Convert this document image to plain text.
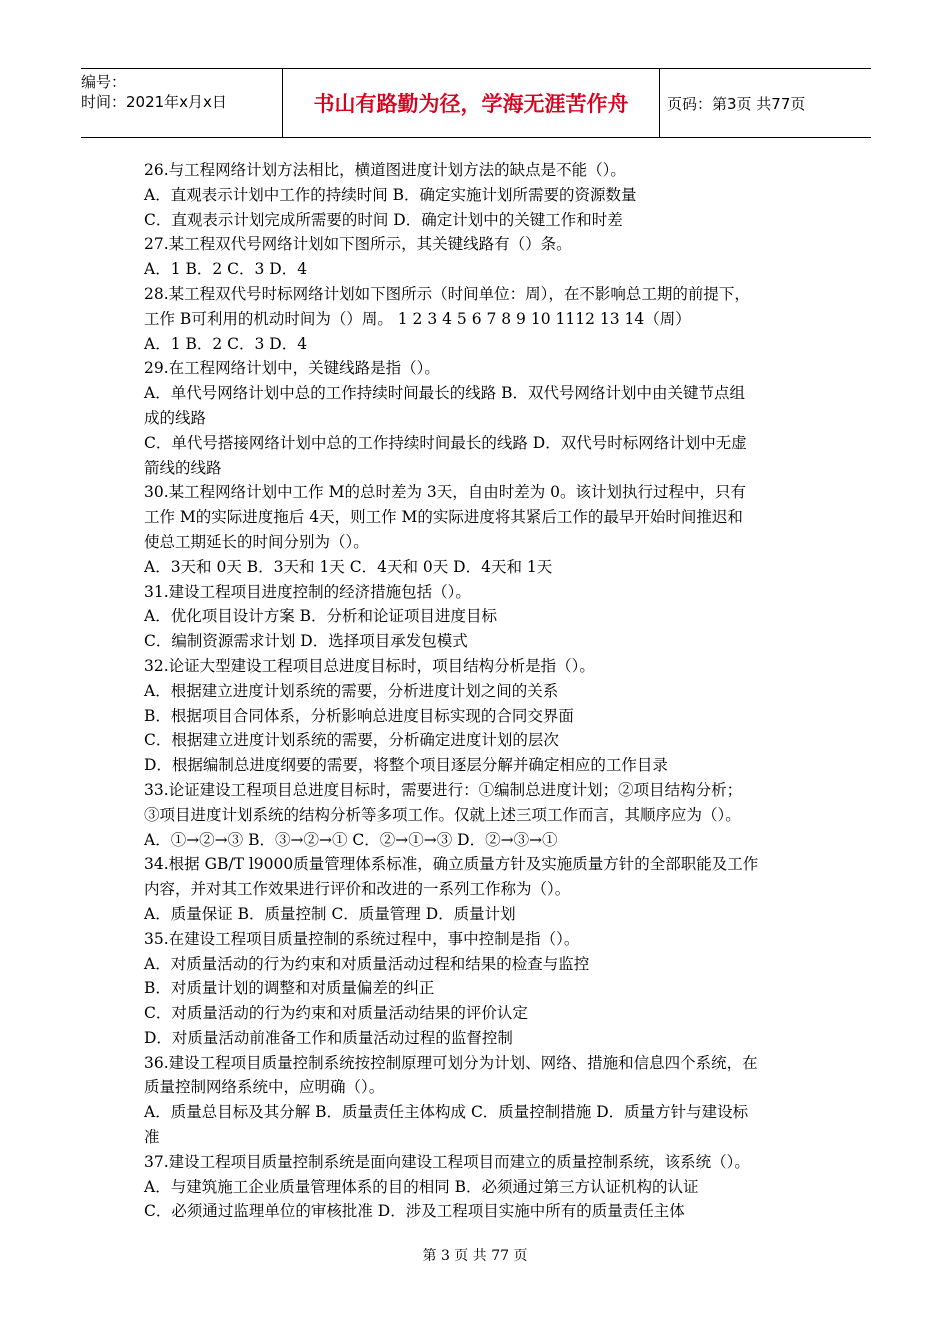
编号：
时间：2021年x月x日	书山有路勤为径，学海无涯苦作舟	页码：第3页 共77页

26.与工程网络计划方法相比，横道图进度计划方法的缺点是不能（）。

A．直观表示计划中工作的持续时间 B．确定实施计划所需要的资源数量

C．直观表示计划完成所需要的时间 D．确定计划中的关键工作和时差

27.某工程双代号网络计划如下图所示，其关键线路有（）条。

A．1 B．2 C．3 D．4

28.某工程双代号时标网络计划如下图所示（时间单位：周），在不影响总工期的前提下，

工作 B可利用的机动时间为（）周。 1 2 3 4 5 6 7 8 9 10 1112 13 14（周）

A．1 B．2 C．3 D．4

29.在工程网络计划中，关键线路是指（）。

A．单代号网络计划中总的工作持续时间最长的线路 B．双代号网络计划中由关键节点组

成的线路

C．单代号搭接网络计划中总的工作持续时间最长的线路 D．双代号时标网络计划中无虚

箭线的线路

30.某工程网络计划中工作 M的总时差为 3天，自由时差为 0。该计划执行过程中，只有

工作 M的实际进度拖后 4天，则工作 M的实际进度将其紧后工作的最早开始时间推迟和

使总工期延长的时间分别为（）。

A．3天和 0天 B．3天和 1天 C．4天和 0天 D．4天和 1天

31.建设工程项目进度控制的经济措施包括（）。

A．优化项目设计方案 B．分析和论证项目进度目标

C．编制资源需求计划 D．选择项目承发包模式

32.论证大型建设工程项目总进度目标时，项目结构分析是指（）。

A．根据建立进度计划系统的需要，分析进度计划之间的关系

B．根据项目合同体系，分析影响总进度目标实现的合同交界面

C．根据建立进度计划系统的需要，分析确定进度计划的层次

D．根据编制总进度纲要的需要，将整个项目逐层分解并确定相应的工作目录

33.论证建设工程项目总进度目标时，需要进行：①编制总进度计划；②项目结构分析；

③项目进度计划系统的结构分析等多项工作。仅就上述三项工作而言，其顺序应为（）。

A．①→②→③ B．③→②→① C．②→①→③ D．②→③→①

34.根据 GB/T l9000质量管理体系标准，确立质量方针及实施质量方针的全部职能及工作

内容，并对其工作效果进行评价和改进的一系列工作称为（）。

A．质量保证 B．质量控制 C．质量管理 D．质量计划

35.在建设工程项目质量控制的系统过程中，事中控制是指（）。

A．对质量活动的行为约束和对质量活动过程和结果的检查与监控

B．对质量计划的调整和对质量偏差的纠正

C．对质量活动的行为约束和对质量活动结果的评价认定

D．对质量活动前准备工作和质量活动过程的监督控制

36.建设工程项目质量控制系统按控制原理可划分为计划、网络、措施和信息四个系统，在

质量控制网络系统中，应明确（）。

A．质量总目标及其分解 B．质量责任主体构成 C．质量控制措施 D．质量方针与建设标

准

37.建设工程项目质量控制系统是面向建设工程项目而建立的质量控制系统，该系统（）。

A．与建筑施工企业质量管理体系的目的相同 B．必须通过第三方认证机构的认证

C．必须通过监理单位的审核批准 D．涉及工程项目实施中所有的质量责任主体

第 3 页 共 77 页
